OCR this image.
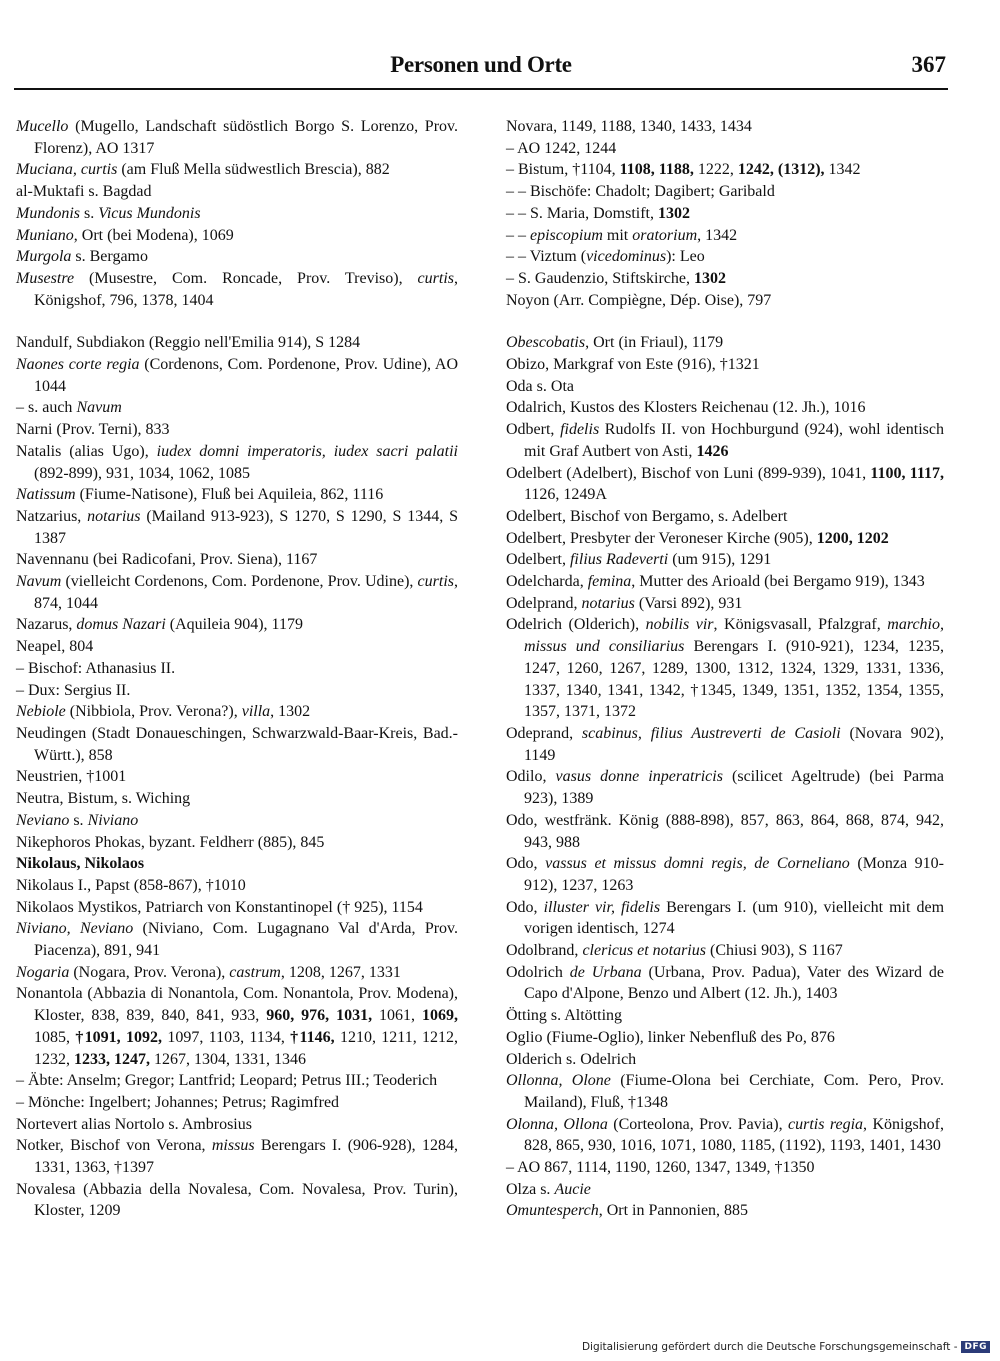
Personen und Orte	367
Mucello (Mugello, Landschaft südöstlich Borgo S. Lorenzo, Prov. Florenz), AO 1317
Muciana, curtis (am Fluß Mella südwestlich Brescia), 882
al-Muktafi s. Bagdad
Mundonis s. Vicus Mundonis
Muniano, Ort (bei Modena), 1069
Murgola s. Bergamo
Musestre (Musestre, Com. Roncade, Prov. Treviso), curtis, Königshof, 796, 1378, 1404
Nandulf, Subdiakon (Reggio nell'Emilia 914), S 1284
Naones corte regia (Cordenons, Com. Pordenone, Prov. Udine), AO 1044
– s. auch Navum
Narni (Prov. Terni), 833
Natalis (alias Ugo), iudex domni imperatoris, iudex sacri palatii (892-899), 931, 1034, 1062, 1085
Natissum (Fiume-Natisone), Fluß bei Aquileia, 862, 1116
Natzarius, notarius (Mailand 913-923), S 1270, S 1290, S 1344, S 1387
Navennanu (bei Radicofani, Prov. Siena), 1167
Navum (vielleicht Cordenons, Com. Pordenone, Prov. Udine), curtis, 874, 1044
Nazarus, domus Nazari (Aquileia 904), 1179
Neapel, 804
– Bischof: Athanasius II.
– Dux: Sergius II.
Nebiole (Nibbiola, Prov. Verona?), villa, 1302
Neudingen (Stadt Donaueschingen, Schwarzwald-Baar-Kreis, Bad.-Württ.), 858
Neustrien, †1001
Neutra, Bistum, s. Wiching
Neviano s. Niviano
Nikephoros Phokas, byzant. Feldherr (885), 845
Nikolaus, Nikolaos
Nikolaus I., Papst (858-867), †1010
Nikolaos Mystikos, Patriarch von Konstantinopel († 925), 1154
Niviano, Neviano (Niviano, Com. Lugagnano Val d'Arda, Prov. Piacenza), 891, 941
Nogaria (Nogara, Prov. Verona), castrum, 1208, 1267, 1331
Nonantola (Abbazia di Nonantola, Com. Nonantola, Prov. Modena), Kloster, 838, 839, 840, 841, 933, 960, 976, 1031, 1061, 1069, 1085, †1091, 1092, 1097, 1103, 1134, †1146, 1210, 1211, 1212, 1232, 1233, 1247, 1267, 1304, 1331, 1346
– Äbte: Anselm; Gregor; Lantfrid; Leopard; Petrus III.; Teoderich
– Mönche: Ingelbert; Johannes; Petrus; Ragimfred
Nortevert alias Nortolo s. Ambrosius
Notker, Bischof von Verona, missus Berengars I. (906-928), 1284, 1331, 1363, †1397
Novalesa (Abbazia della Novalesa, Com. Novalesa, Prov. Turin), Kloster, 1209
Novara, 1149, 1188, 1340, 1433, 1434
– AO 1242, 1244
– Bistum, †1104, 1108, 1188, 1222, 1242, (1312), 1342
– – Bischöfe: Chadolt; Dagibert; Garibald
– – S. Maria, Domstift, 1302
– – episcopium mit oratorium, 1342
– – Viztum (vicedominus): Leo
– S. Gaudenzio, Stiftskirche, 1302
Noyon (Arr. Compiègne, Dép. Oise), 797
Obescobatis, Ort (in Friaul), 1179
Obizo, Markgraf von Este (916), †1321
Oda s. Ota
Odalrich, Kustos des Klosters Reichenau (12. Jh.), 1016
Odbert, fidelis Rudolfs II. von Hochburgund (924), wohl identisch mit Graf Autbert von Asti, 1426
Odelbert (Adelbert), Bischof von Luni (899-939), 1041, 1100, 1117, 1126, 1249A
Odelbert, Bischof von Bergamo, s. Adelbert
Odelbert, Presbyter der Veroneser Kirche (905), 1200, 1202
Odelbert, filius Radeverti (um 915), 1291
Odelcharda, femina, Mutter des Arioald (bei Bergamo 919), 1343
Odelprand, notarius (Varsi 892), 931
Odelrich (Olderich), nobilis vir, Königsvasall, Pfalzgraf, marchio, missus und consiliarius Berengars I. (910-921), 1234, 1235, 1247, 1260, 1267, 1289, 1300, 1312, 1324, 1329, 1331, 1336, 1337, 1340, 1341, 1342, †1345, 1349, 1351, 1352, 1354, 1355, 1357, 1371, 1372
Odeprand, scabinus, filius Austreverti de Casioli (Novara 902), 1149
Odilo, vasus donne inperatricis (scilicet Ageltrude) (bei Parma 923), 1389
Odo, westfränk. König (888-898), 857, 863, 864, 868, 874, 942, 943, 988
Odo, vassus et missus domni regis, de Corneliano (Monza 910-912), 1237, 1263
Odo, illuster vir, fidelis Berengars I. (um 910), vielleicht mit dem vorigen identisch, 1274
Odolbrand, clericus et notarius (Chiusi 903), S 1167
Odolrich de Urbana (Urbana, Prov. Padua), Vater des Wizard de Capo d'Alpone, Benzo und Albert (12. Jh.), 1403
Ötting s. Altötting
Oglio (Fiume-Oglio), linker Nebenfluß des Po, 876
Olderich s. Odelrich
Ollonna, Olone (Fiume-Olona bei Cerchiate, Com. Pero, Prov. Mailand), Fluß, †1348
Olonna, Ollona (Corteolona, Prov. Pavia), curtis regia, Königshof, 828, 865, 930, 1016, 1071, 1080, 1185, (1192), 1193, 1401, 1430
– AO 867, 1114, 1190, 1260, 1347, 1349, †1350
Olza s. Aucie
Omuntesperch, Ort in Pannonien, 885
Digitalisierung gefördert durch die Deutsche Forschungsgemeinschaft - DFG
